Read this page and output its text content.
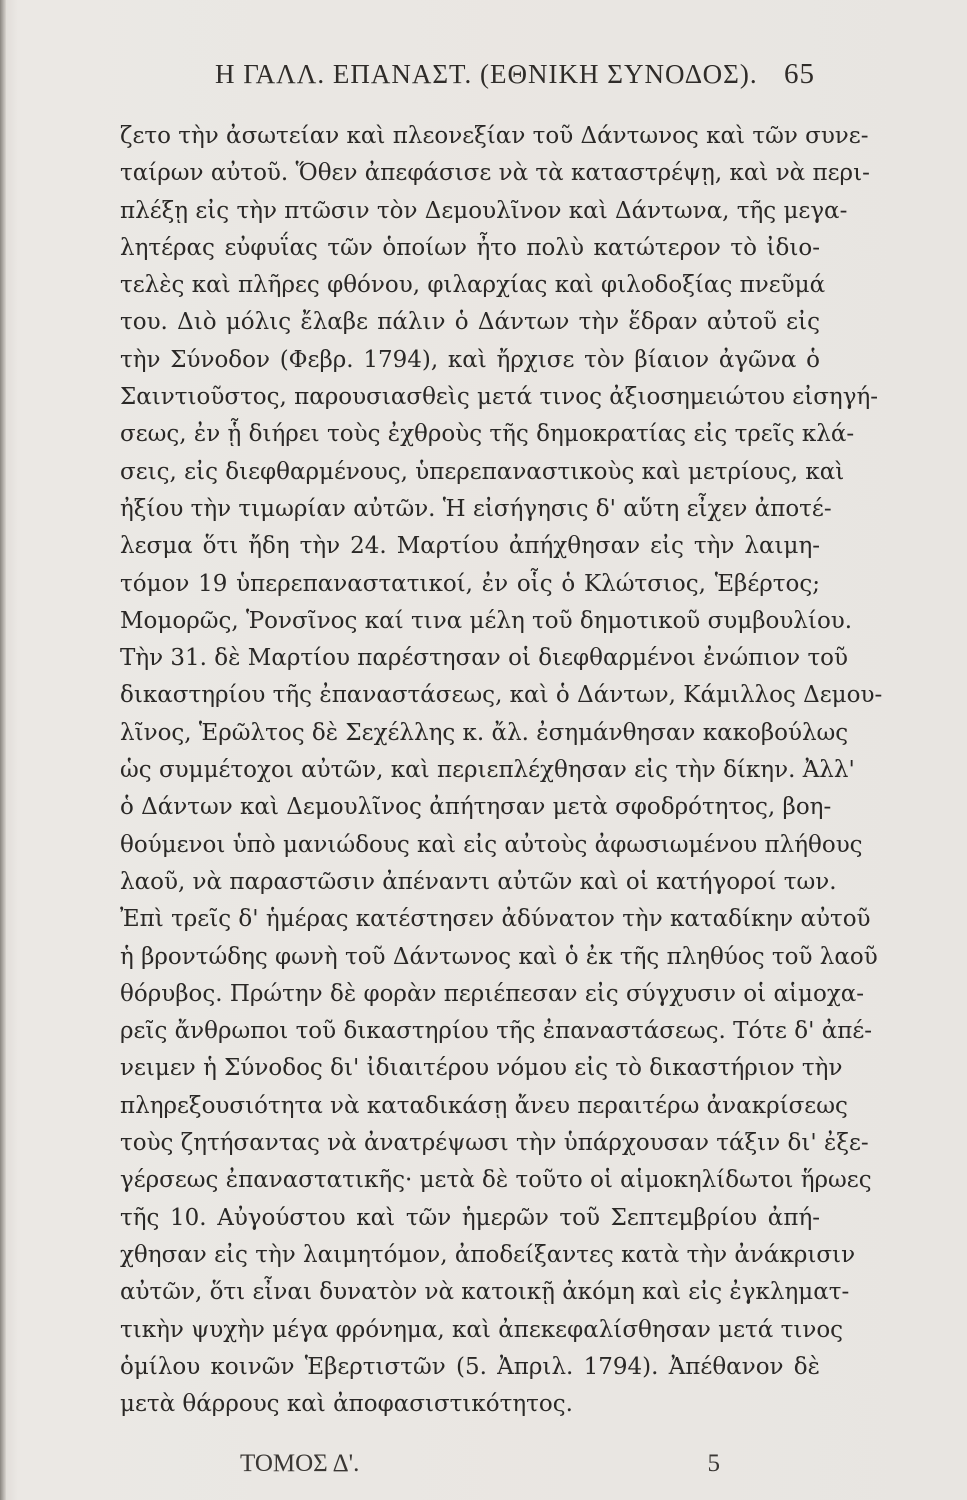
Η ΓΑΛΛ. ΕΠΑΝΑΣΤ. (ΕΘΝΙΚΗ ΣΥΝΟΔΟΣ). 65
ζετο τὴν ἀσωτείαν καὶ πλεονεξίαν τοῦ Δάντωνος καὶ τῶν συνε-
ταίρων αὐτοῦ. Ὅθεν ἀπεφάσισε νὰ τὰ καταστρέψῃ, καὶ νὰ περι-
πλέξῃ εἰς τὴν πτῶσιν τὸν Δεμουλῖνον καὶ Δάντωνα, τῆς μεγα-
λητέρας εὐφυΐας τῶν ὁποίων ἦτο πολὺ κατώτερον τὸ ἰδιο-
τελὲς καὶ πλῆρες φθόνου, φιλαρχίας καὶ φιλοδοξίας πνεῦμά
του. Διὸ μόλις ἔλαβε πάλιν ὁ Δάντων τὴν ἕδραν αὐτοῦ εἰς
τὴν Σύνοδον (Φεβρ. 1794), καὶ ἤρχισε τὸν βίαιον ἀγῶνα ὁ
Σαιντιοῦστος, παρουσιασθεὶς μετά τινος ἀξιοσημειώτου εἰσηγή-
σεως, ἐν ᾗ διήρει τοὺς ἐχθροὺς τῆς δημοκρατίας εἰς τρεῖς κλά-
σεις, εἰς διεφθαρμένους, ὑπερεπαναστικοὺς καὶ μετρίους, καὶ
ἠξίου τὴν τιμωρίαν αὐτῶν. Ἡ εἰσήγησις δ' αὕτη εἶχεν ἀποτέ-
λεσμα ὅτι ἤδη τὴν 24. Μαρτίου ἀπήχθησαν εἰς τὴν λαιμη-
τόμον 19 ὑπερεπαναστατικοί, ἐν οἷς ὁ Κλώτσιος, Ἑβέρτος;
Μομορῶς, Ῥονσῖνος καί τινα μέλη τοῦ δημοτικοῦ συμβουλίου.
Τὴν 31. δὲ Μαρτίου παρέστησαν οἱ διεφθαρμένοι ἐνώπιον τοῦ
δικαστηρίου τῆς ἐπαναστάσεως, καὶ ὁ Δάντων, Κάμιλλος Δεμου-
λῖνος, Ἑρῶλτος δὲ Σεχέλλης κ. ἄλ. ἐσημάνθησαν κακοβούλως
ὡς συμμέτοχοι αὐτῶν, καὶ περιεπλέχθησαν εἰς τὴν δίκην. Ἀλλ'
ὁ Δάντων καὶ Δεμουλῖνος ἀπήτησαν μετὰ σφοδρότητος, βοη-
θούμενοι ὑπὸ μανιώδους καὶ εἰς αὐτοὺς ἀφωσιωμένου πλήθους
λαοῦ, νὰ παραστῶσιν ἀπέναντι αὐτῶν καὶ οἱ κατήγοροί των.
Ἐπὶ τρεῖς δ' ἡμέρας κατέστησεν ἀδύνατον τὴν καταδίκην αὐτοῦ
ἡ βροντώδης φωνὴ τοῦ Δάντωνος καὶ ὁ ἐκ τῆς πληθύος τοῦ λαοῦ
θόρυβος. Πρώτην δὲ φορὰν περιέπεσαν εἰς σύγχυσιν οἱ αἱμοχα-
ρεῖς ἄνθρωποι τοῦ δικαστηρίου τῆς ἐπαναστάσεως. Τότε δ' ἀπέ-
νειμεν ἡ Σύνοδος δι' ἰδιαιτέρου νόμου εἰς τὸ δικαστήριον τὴν
πληρεξουσιότητα νὰ καταδικάσῃ ἄνευ περαιτέρω ἀνακρίσεως
τοὺς ζητήσαντας νὰ ἀνατρέψωσι τὴν ὑπάρχουσαν τάξιν δι' ἐξε-
γέρσεως ἐπαναστατικῆς· μετὰ δὲ τοῦτο οἱ αἱμοκηλίδωτοι ἥρωες
τῆς 10. Αὐγούστου καὶ τῶν ἡμερῶν τοῦ Σεπτεμβρίου ἀπή-
χθησαν εἰς τὴν λαιμητόμον, ἀποδείξαντες κατὰ τὴν ἀνάκρισιν
αὐτῶν, ὅτι εἶναι δυνατὸν νὰ κατοικῇ ἀκόμη καὶ εἰς ἐγκληματ-
τικὴν ψυχὴν μέγα φρόνημα, καὶ ἀπεκεφαλίσθησαν μετά τινος
ὁμίλου κοινῶν Ἑβερτιστῶν (5. Ἀπριλ. 1794). Ἀπέθανον δὲ
μετὰ θάρρους καὶ ἀποφασιστικότητος.
ΤΟΜΟΣ Δ'.	5
